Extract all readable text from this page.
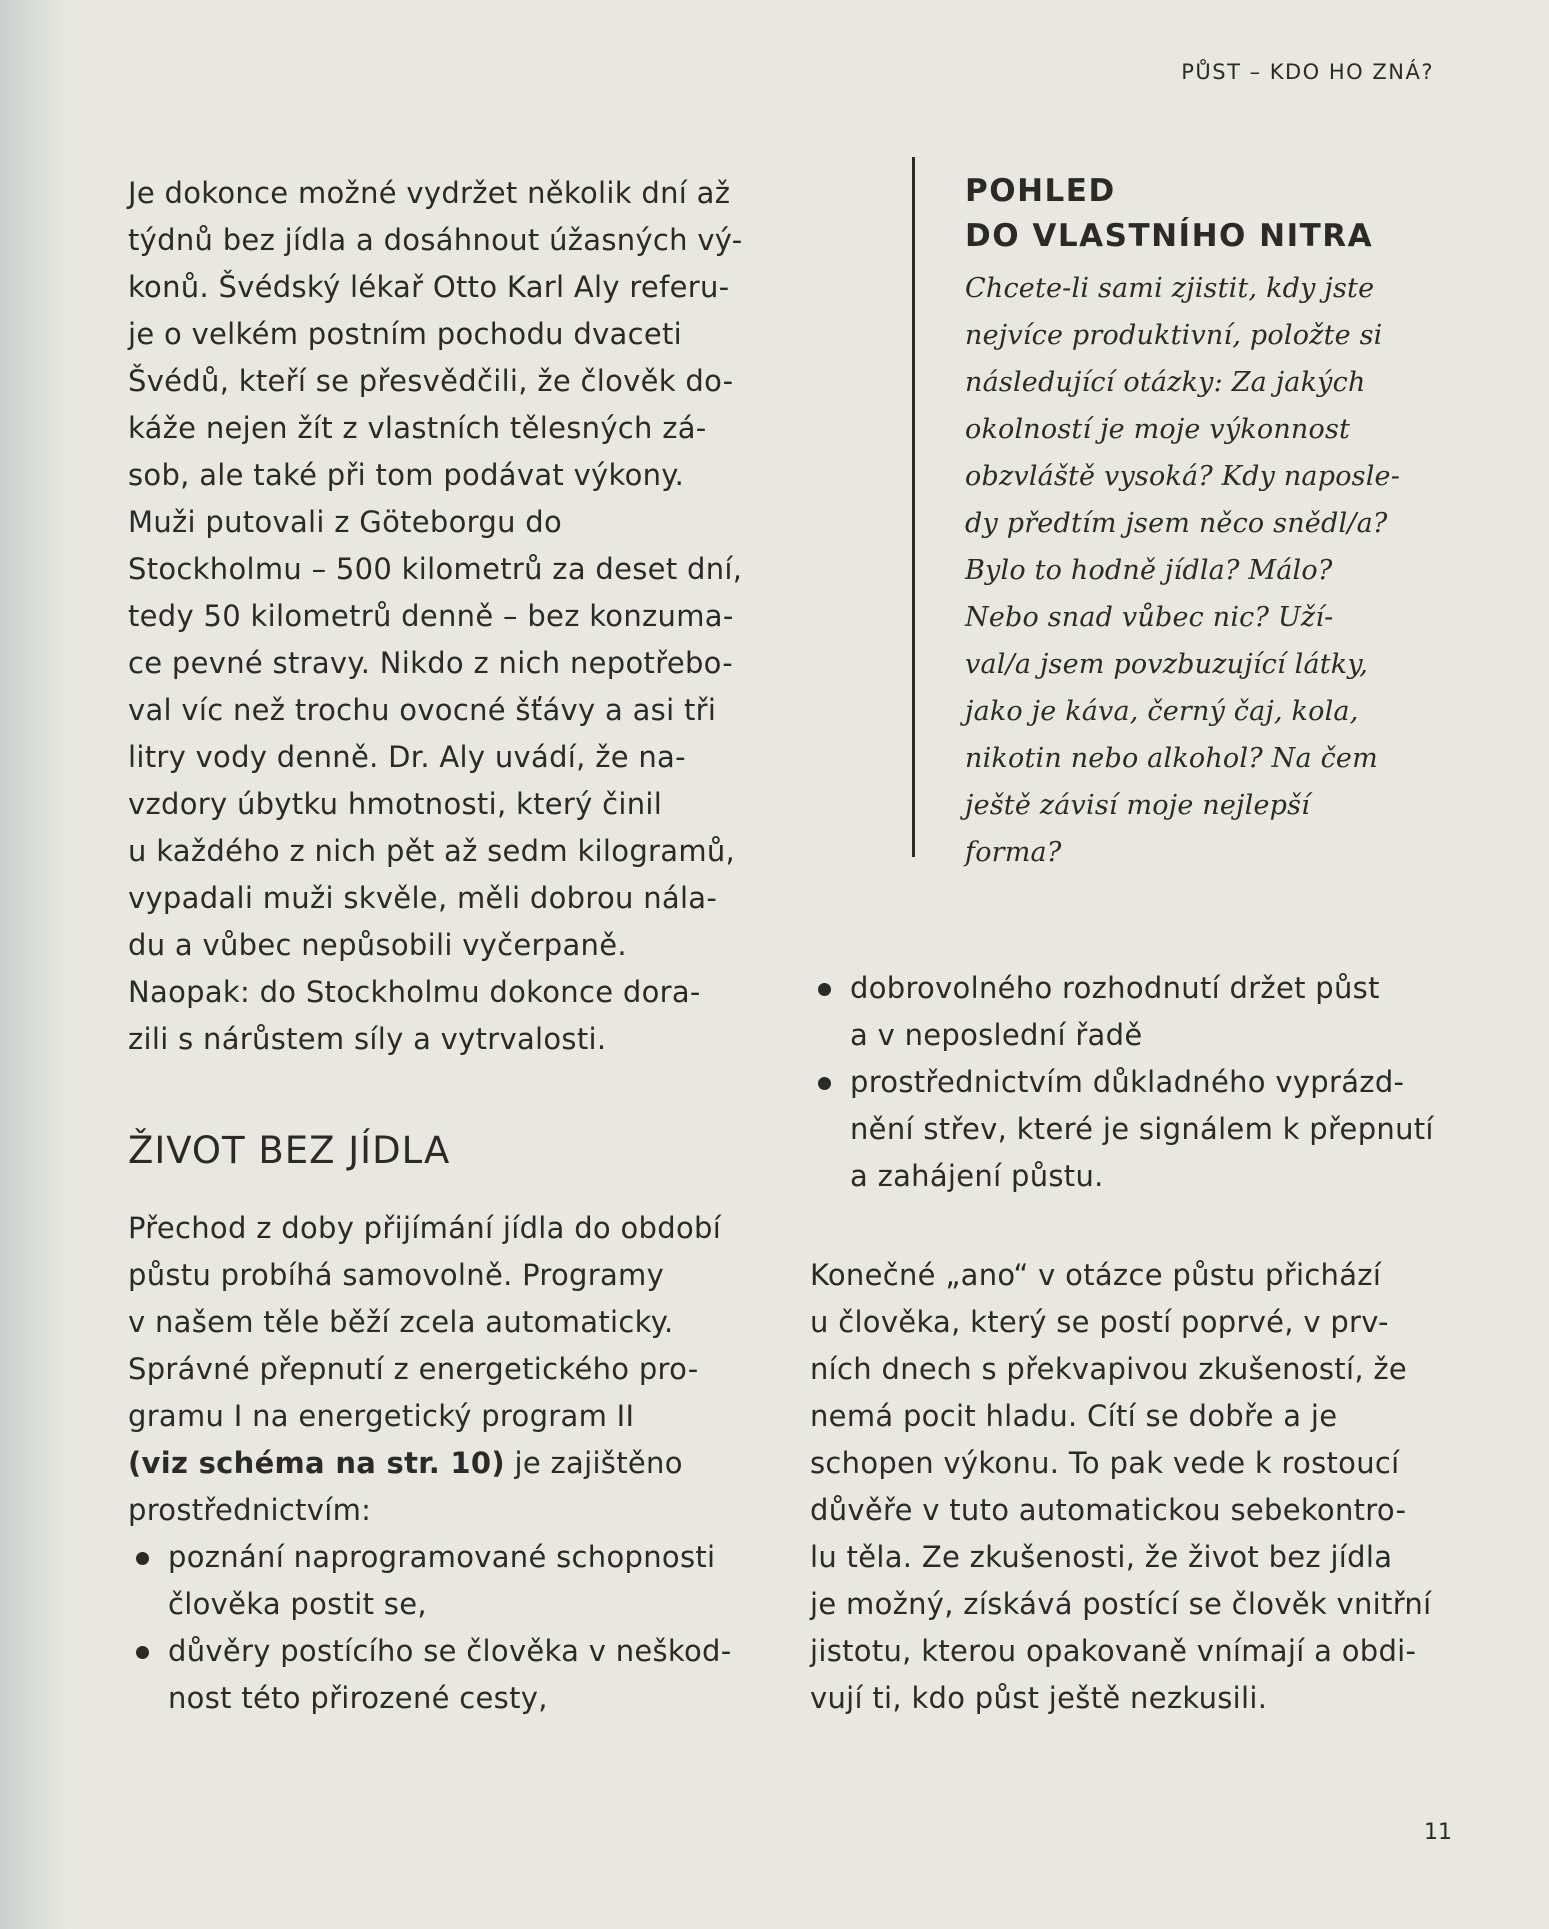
PŮST – KDO HO ZNÁ?

Je dokonce možné vydržet několik dní až
týdnů bez jídla a dosáhnout úžasných vý-
konů. Švédský lékař Otto Karl Aly referu-
je o velkém postním pochodu dvaceti
Švédů, kteří se přesvědčili, že člověk do-
káže nejen žít z vlastních tělesných zá-
sob, ale také při tom podávat výkony.
Muži putovali z Göteborgu do
Stockholmu – 500 kilometrů za deset dní,
tedy 50 kilometrů denně – bez konzuma-
ce pevné stravy. Nikdo z nich nepotřebo-
val víc než trochu ovocné šťávy a asi tři
litry vody denně. Dr. Aly uvádí, že na-
vzdory úbytku hmotnosti, který činil
u každého z nich pět až sedm kilogramů,
vypadali muži skvěle, měli dobrou nála-
du a vůbec nepůsobili vyčerpaně.
Naopak: do Stockholmu dokonce dora-
zili s nárůstem síly a vytrvalosti.

ŽIVOT BEZ JÍDLA

Přechod z doby přijímání jídla do období
půstu probíhá samovolně. Programy
v našem těle běží zcela automaticky.
Správné přepnutí z energetického pro-
gramu I na energetický program II
(viz schéma na str. 10) je zajištěno
prostřednictvím:

poznání naprogramované schopnosti
člověka postit se,
důvěry postícího se člověka v neškod-
nost této přirozené cesty,
POHLED
DO VLASTNÍHO NITRA
Chcete-li sami zjistit, kdy jste
nejvíce produktivní, položte si
následující otázky: Za jakých
okolností je moje výkonnost
obzvláště vysoká? Kdy naposle-
dy předtím jsem něco snědl/a?
Bylo to hodně jídla? Málo?
Nebo snad vůbec nic? Uží-
val/a jsem povzbuzující látky,
jako je káva, černý čaj, kola,
nikotin nebo alkohol? Na čem
ještě závisí moje nejlepší
forma?
dobrovolného rozhodnutí držet půst
a v neposlední řadě
prostřednictvím důkladného vyprázd-
nění střev, které je signálem k přepnutí
a zahájení půstu.

Konečné „ano“ v otázce půstu přichází
u člověka, který se postí poprvé, v prv-
ních dnech s překvapivou zkušeností, že
nemá pocit hladu. Cítí se dobře a je
schopen výkonu. To pak vede k rostoucí
důvěře v tuto automatickou sebekontro-
lu těla. Ze zkušenosti, že život bez jídla
je možný, získává postící se člověk vnitřní
jistotu, kterou opakovaně vnímají a obdi-
vují ti, kdo půst ještě nezkusili.

11
